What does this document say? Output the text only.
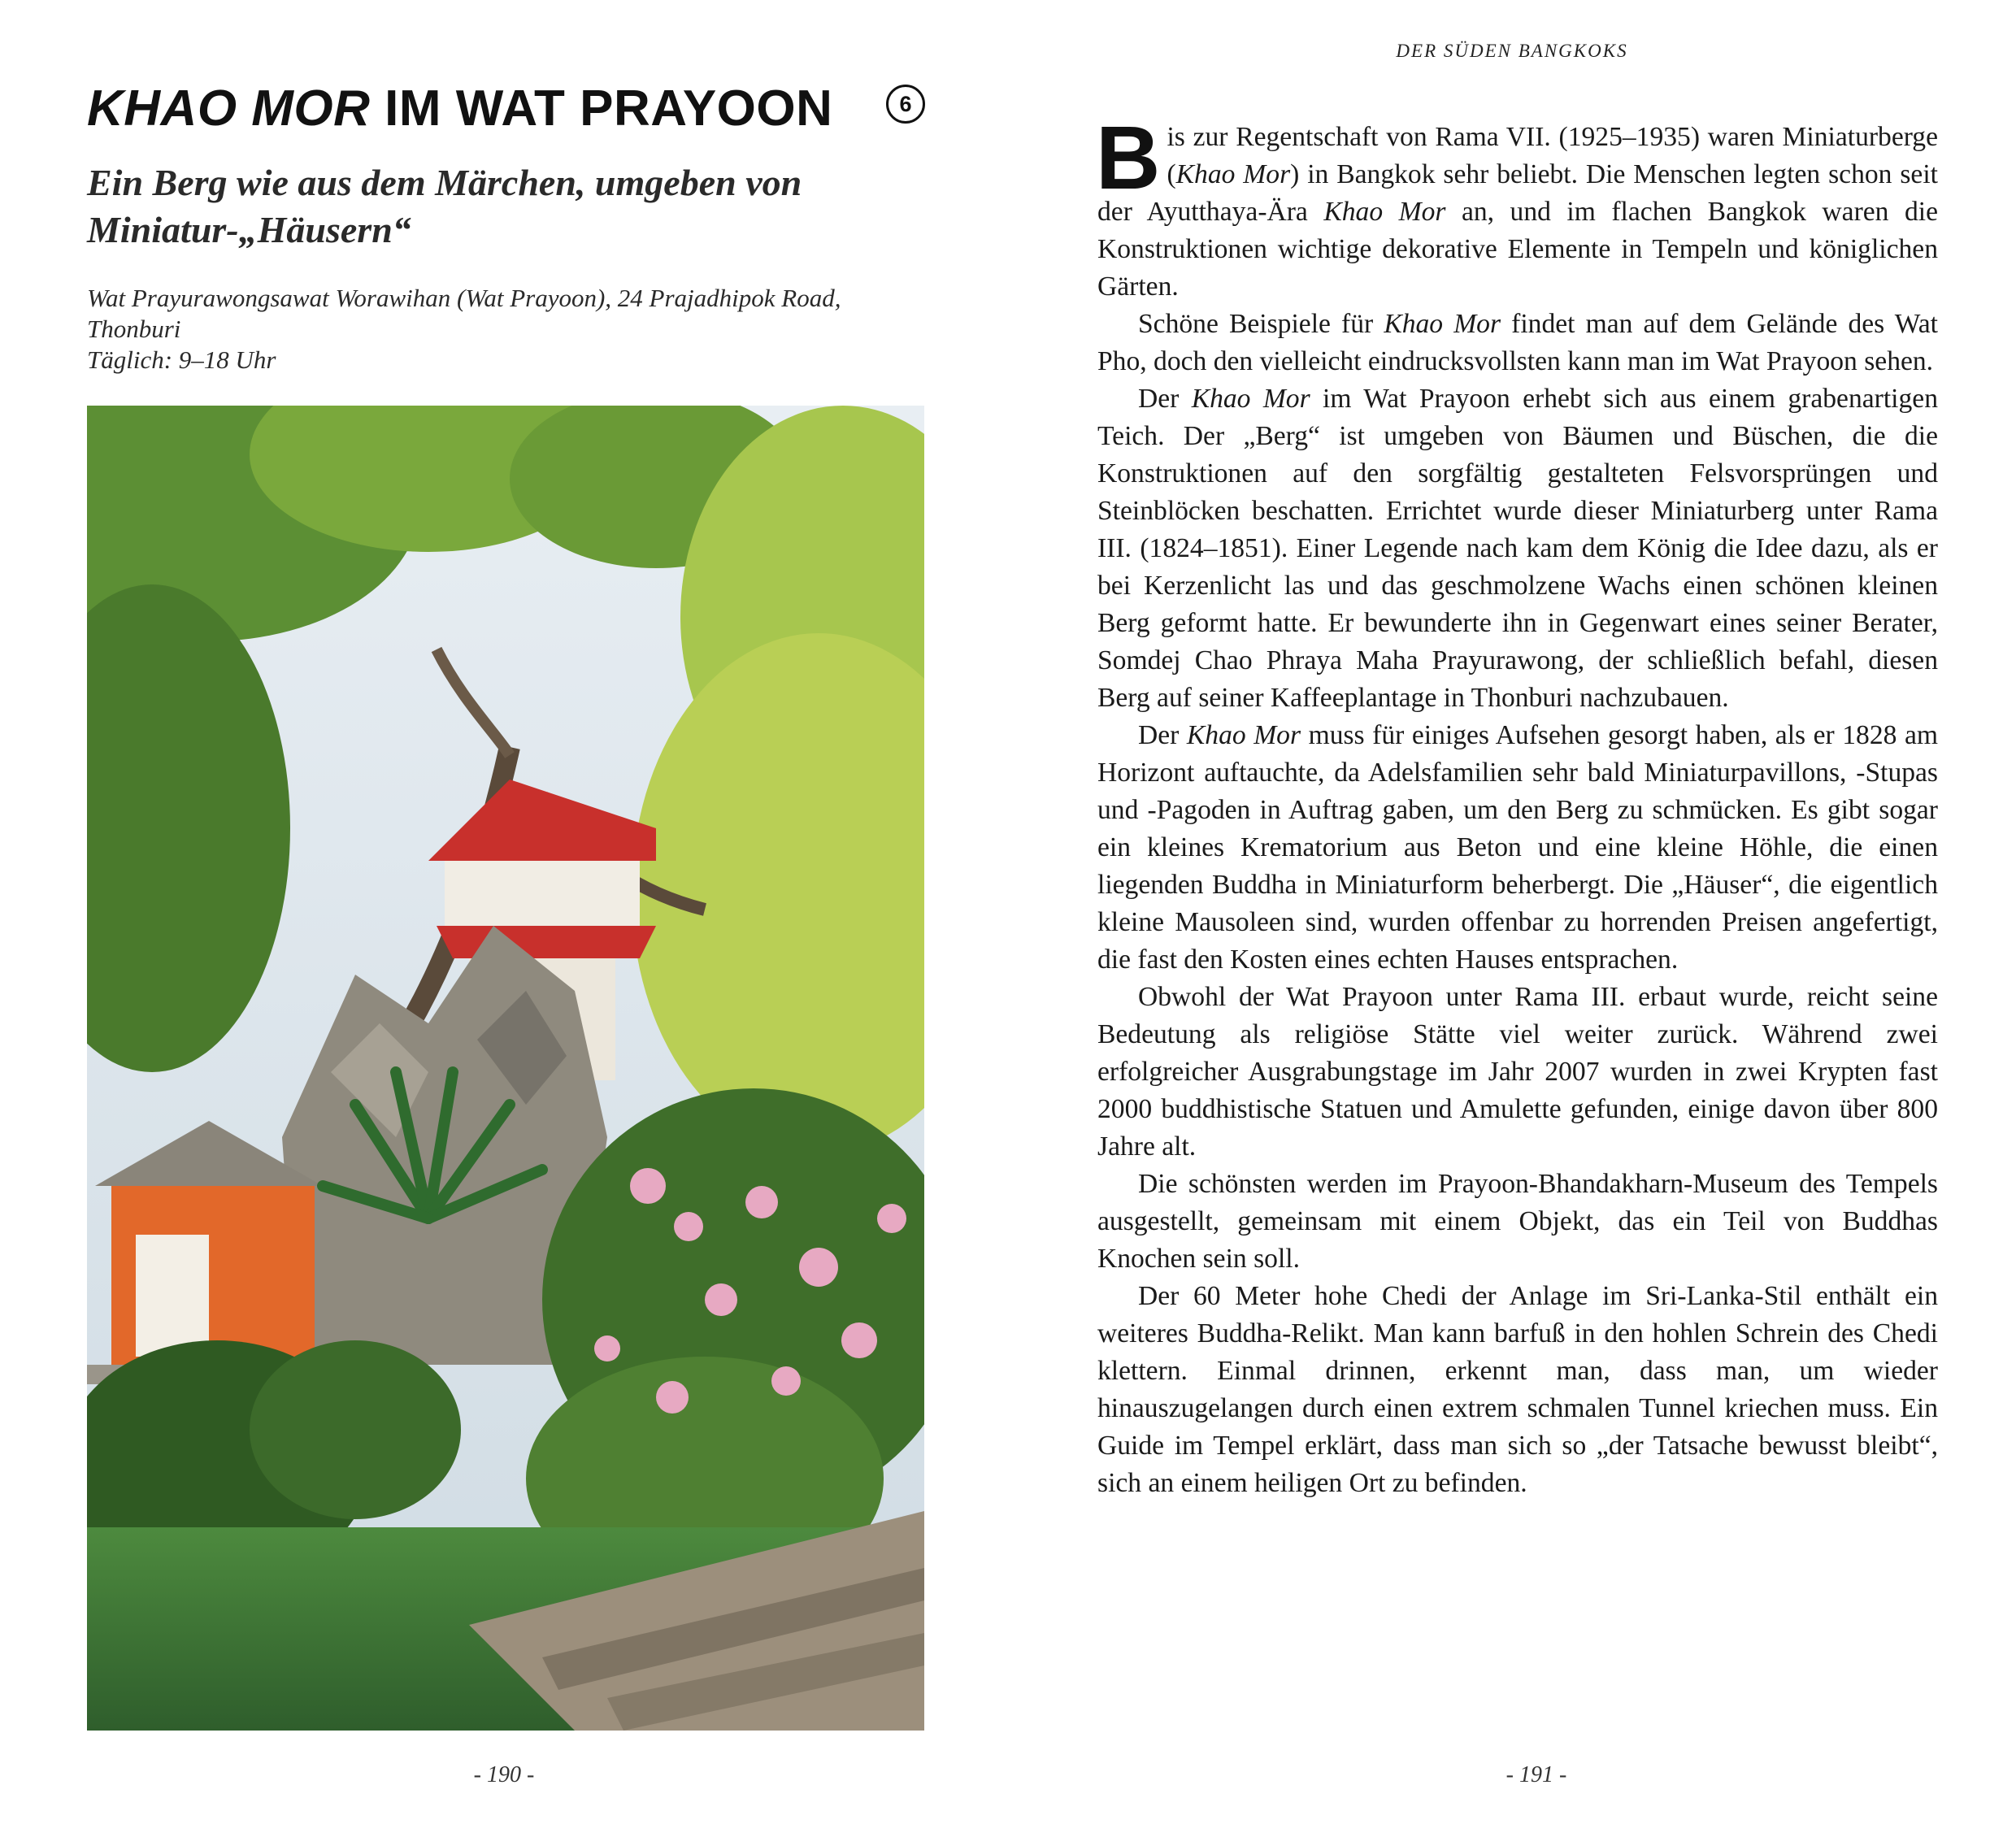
KHAO MOR IM WAT PRAYOON	6
Ein Berg wie aus dem Märchen, umgeben von
Miniatur-„Häusern“
Wat Prayurawongsawat Worawihan (Wat Prayoon), 24 Prajadhipok Road,
Thonburi
Täglich: 9–18 Uhr
- 190 -
DER SÜDEN BANGKOKS

Bis zur Regentschaft von Rama VII. (1925–1935) waren Miniaturberge (Khao Mor) in Bangkok sehr beliebt. Die Menschen legten schon seit der Ayutthaya-Ära Khao Mor an, und im flachen Bangkok waren die Konstruktionen wichtige dekorative Elemente in Tempeln und königlichen Gärten.

Schöne Beispiele für Khao Mor findet man auf dem Gelände des Wat Pho, doch den vielleicht eindrucksvollsten kann man im Wat Prayoon sehen.

Der Khao Mor im Wat Prayoon erhebt sich aus einem grabenartigen Teich. Der „Berg“ ist umgeben von Bäumen und Büschen, die die Konstruktionen auf den sorgfältig gestalteten Felsvorsprüngen und Steinblöcken beschatten. Errichtet wurde dieser Miniaturberg unter Rama III. (1824–1851). Einer Legende nach kam dem König die Idee dazu, als er bei Kerzenlicht las und das geschmolzene Wachs einen schönen kleinen Berg geformt hatte. Er bewunderte ihn in Gegenwart eines seiner Berater, Somdej Chao Phraya Maha Prayurawong, der schließlich befahl, diesen Berg auf seiner Kaffeeplantage in Thonburi nachzubauen.

Der Khao Mor muss für einiges Aufsehen gesorgt haben, als er 1828 am Horizont auftauchte, da Adelsfamilien sehr bald Miniaturpavillons, -Stupas und -Pagoden in Auftrag gaben, um den Berg zu schmücken. Es gibt sogar ein kleines Krematorium aus Beton und eine kleine Höhle, die einen liegenden Buddha in Miniaturform beherbergt. Die „Häuser“, die eigentlich kleine Mausoleen sind, wurden offenbar zu horrenden Preisen angefertigt, die fast den Kosten eines echten Hauses entsprachen.

Obwohl der Wat Prayoon unter Rama III. erbaut wurde, reicht seine Bedeutung als religiöse Stätte viel weiter zurück. Während zwei erfolgreicher Ausgrabungstage im Jahr 2007 wurden in zwei Krypten fast 2000 buddhistische Statuen und Amulette gefunden, einige davon über 800 Jahre alt.

Die schönsten werden im Prayoon-Bhandakharn-Museum des Tempels ausgestellt, gemeinsam mit einem Objekt, das ein Teil von Buddhas Knochen sein soll.

Der 60 Meter hohe Chedi der Anlage im Sri-Lanka-Stil enthält ein weiteres Buddha-Relikt. Man kann barfuß in den hohlen Schrein des Chedi klettern. Einmal drinnen, erkennt man, dass man, um wieder hinauszugelangen durch einen extrem schmalen Tunnel kriechen muss. Ein Guide im Tempel erklärt, dass man sich so „der Tatsache bewusst bleibt“, sich an einem heiligen Ort zu befinden.

- 191 -
